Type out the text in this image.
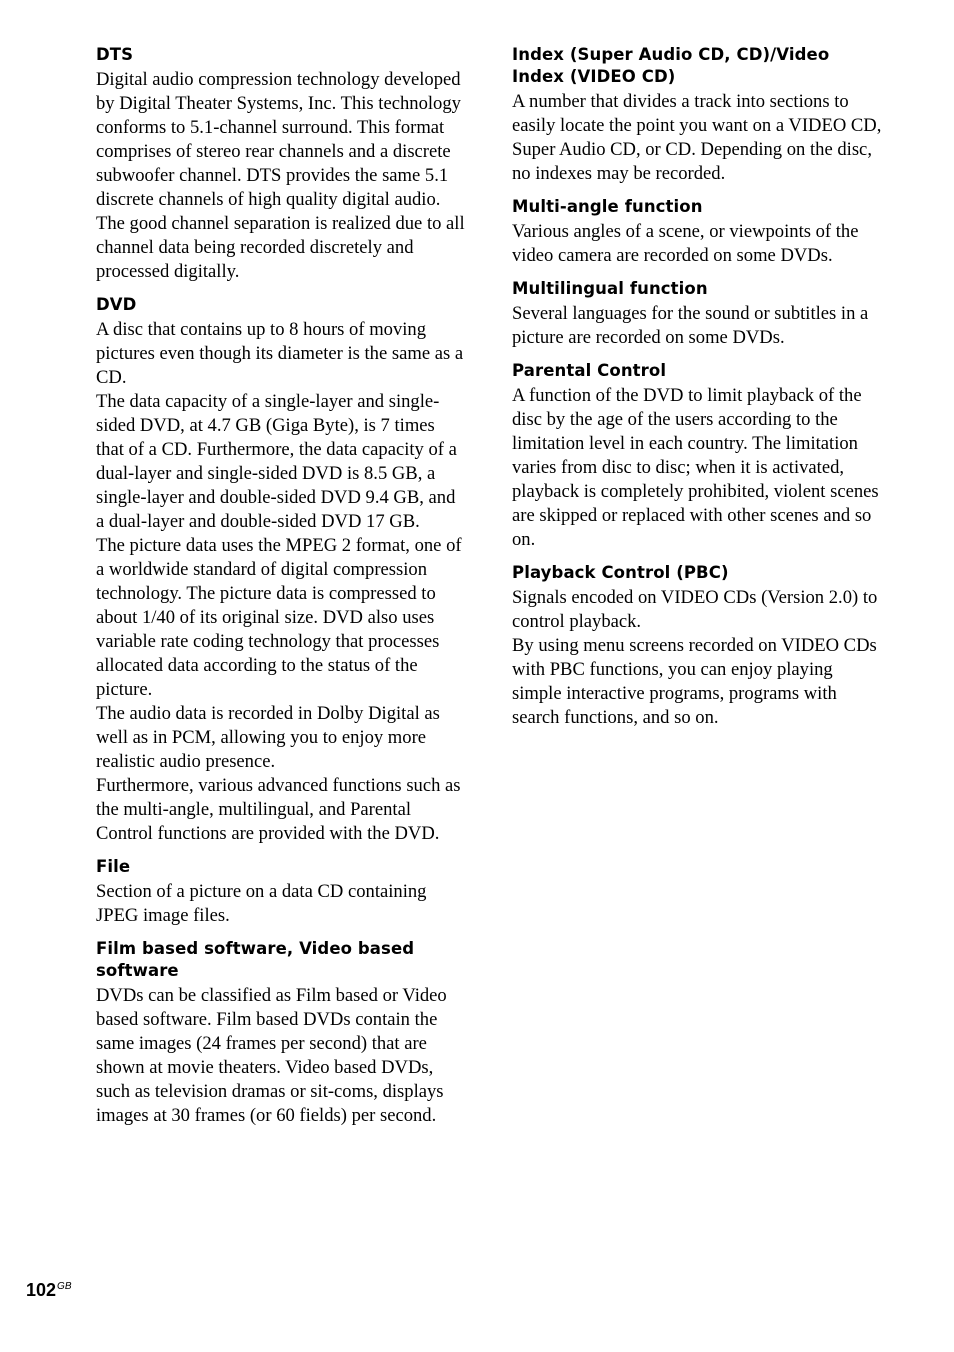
DTS

Digital audio compression technology developed by Digital Theater Systems, Inc. This technology conforms to 5.1-channel surround. This format comprises of stereo rear channels and a discrete subwoofer channel. DTS provides the same 5.1 discrete channels of high quality digital audio. The good channel separation is realized due to all channel data being recorded discretely and processed digitally.

DVD

A disc that contains up to 8 hours of moving pictures even though its diameter is the same as a CD.

The data capacity of a single-layer and single-sided DVD, at 4.7 GB (Giga Byte), is 7 times that of a CD. Furthermore, the data capacity of a dual-layer and single-sided DVD is 8.5 GB, a single-layer and double-sided DVD 9.4 GB, and a dual-layer and double-sided DVD 17 GB.

The picture data uses the MPEG 2 format, one of a worldwide standard of digital compression technology. The picture data is compressed to about 1/40 of its original size. DVD also uses variable rate coding technology that processes allocated data according to the status of the picture.

The audio data is recorded in Dolby Digital as well as in PCM, allowing you to enjoy more realistic audio presence.

Furthermore, various advanced functions such as the multi-angle, multilingual, and Parental Control functions are provided with the DVD.

File

Section of a picture on a data CD containing JPEG image files.

Film based software, Video based software

DVDs can be classified as Film based or Video based software. Film based DVDs contain the same images (24 frames per second) that are shown at movie theaters. Video based DVDs, such as television dramas or sit-coms, displays images at 30 frames (or 60 fields) per second.

Index (Super Audio CD, CD)/Video Index (VIDEO CD)

A number that divides a track into sections to easily locate the point you want on a VIDEO CD, Super Audio CD, or CD. Depending on the disc, no indexes may be recorded.

Multi-angle function

Various angles of a scene, or viewpoints of the video camera are recorded on some DVDs.

Multilingual function

Several languages for the sound or subtitles in a picture are recorded on some DVDs.

Parental Control

A function of the DVD to limit playback of the disc by the age of the users according to the limitation level in each country. The limitation varies from disc to disc; when it is activated, playback is completely prohibited, violent scenes are skipped or replaced with other scenes and so on.

Playback Control (PBC)

Signals encoded on VIDEO CDs (Version 2.0) to control playback.

By using menu screens recorded on VIDEO CDs with PBC functions, you can enjoy playing simple interactive programs, programs with search functions, and so on.

$102^{GB}$
